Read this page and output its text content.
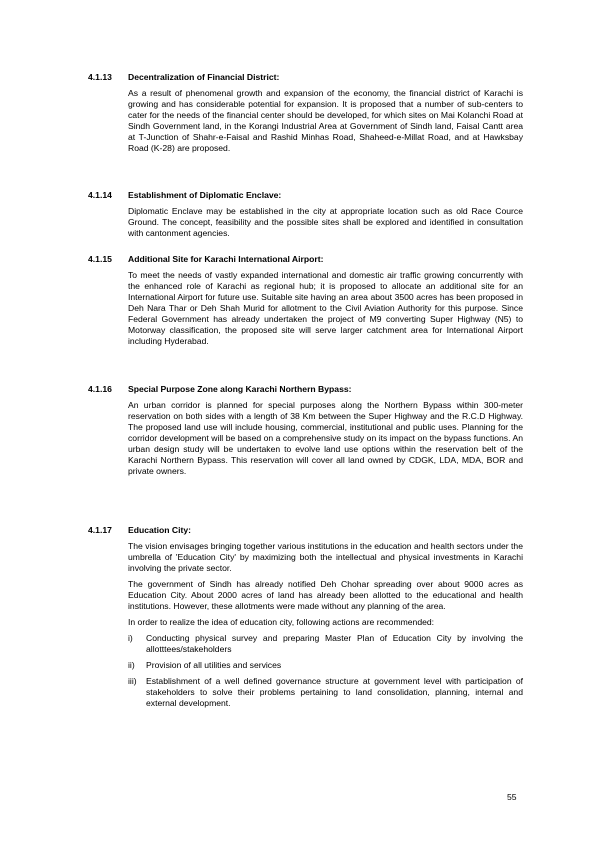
4.1.13 Decentralization of Financial District:

As a result of phenomenal growth and expansion of the economy, the financial district of Karachi is growing and has considerable potential for expansion. It is proposed that a number of sub-centers to cater for the needs of the financial center should be developed, for which sites on Mai Kolanchi Road at Sindh Government land, in the Korangi Industrial Area at Government of Sindh land, Faisal Cantt area at T-Junction of Shahr-e-Faisal and Rashid Minhas Road, Shaheed-e-Millat Road, and at Hawksbay Road (K-28) are proposed.

4.1.14 Establishment of Diplomatic Enclave:

Diplomatic Enclave may be established in the city at appropriate location such as old Race Cource Ground. The concept, feasibility and the possible sites shall be explored and identified in consultation with cantonment agencies.

4.1.15 Additional Site for Karachi International Airport:

To meet the needs of vastly expanded international and domestic air traffic growing concurrently with the enhanced role of Karachi as regional hub; it is proposed to allocate an additional site for an International Airport for future use. Suitable site having an area about 3500 acres has been proposed in Deh Nara Thar or Deh Shah Murid for allotment to the Civil Aviation Authority for this purpose. Since Federal Government has already undertaken the project of M9 converting Super Highway (N5) to Motorway classification, the proposed site will serve larger catchment area for International Airport including Hyderabad.

4.1.16 Special Purpose Zone along Karachi Northern Bypass:

An urban corridor is planned for special purposes along the Northern Bypass within 300-meter reservation on both sides with a length of 38 Km between the Super Highway and the R.C.D Highway. The proposed land use will include housing, commercial, institutional and public uses. Planning for the corridor development will be based on a comprehensive study on its impact on the bypass functions. An urban design study will be undertaken to evolve land use options within the reservation belt of the Karachi Northern Bypass. This reservation will cover all land owned by CDGK, LDA, MDA, BOR and private owners.

4.1.17 Education City:

The vision envisages bringing together various institutions in the education and health sectors under the umbrella of 'Education City' by maximizing both the intellectual and physical investments in Karachi involving the private sector.

The government of Sindh has already notified Deh Chohar spreading over about 9000 acres as Education City. About 2000 acres of land has already been allotted to the educational and health institutions. However, these allotments were made without any planning of the area.

In order to realize the idea of education city, following actions are recommended:

i) Conducting physical survey and preparing Master Plan of Education City by involving the allotttees/stakeholders
ii) Provision of all utilities and services
iii) Establishment of a well defined governance structure at government level with participation of stakeholders to solve their problems pertaining to land consolidation, planning, internal and external development.
55
